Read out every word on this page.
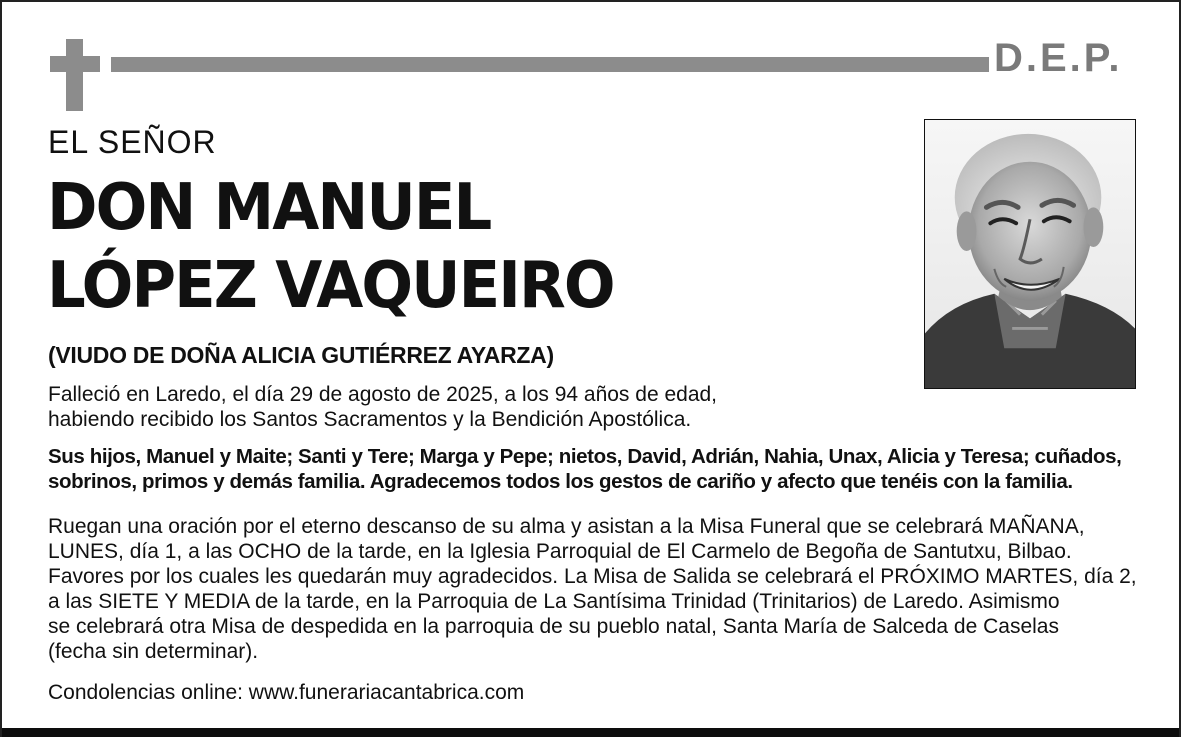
D.E.P.
EL SEÑOR
DON MANUEL
LÓPEZ VAQUEIRO
(VIUDO DE DOÑA ALICIA GUTIÉRREZ AYARZA)
Falleció en Laredo, el día 29 de agosto de 2025, a los 94 años de edad,
habiendo recibido los Santos Sacramentos y la Bendición Apostólica.
Sus hijos, Manuel y Maite; Santi y Tere; Marga y Pepe; nietos, David, Adrián, Nahia, Unax, Alicia y Teresa; cuñados,
sobrinos, primos y demás familia. Agradecemos todos los gestos de cariño y afecto que tenéis con la familia.
Ruegan una oración por el eterno descanso de su alma y asistan a la Misa Funeral que se celebrará MAÑANA,
LUNES, día 1, a las OCHO de la tarde, en la Iglesia Parroquial de El Carmelo de Begoña de Santutxu, Bilbao.
Favores por los cuales les quedarán muy agradecidos. La Misa de Salida se celebrará el PRÓXIMO MARTES, día 2,
a las SIETE Y MEDIA de la tarde, en la Parroquia de La Santísima Trinidad (Trinitarios) de Laredo. Asimismo
se celebrará otra Misa de despedida en la parroquia de su pueblo natal, Santa María de Salceda de Caselas
(fecha sin determinar).
Condolencias online: www.funerariacantabrica.com
